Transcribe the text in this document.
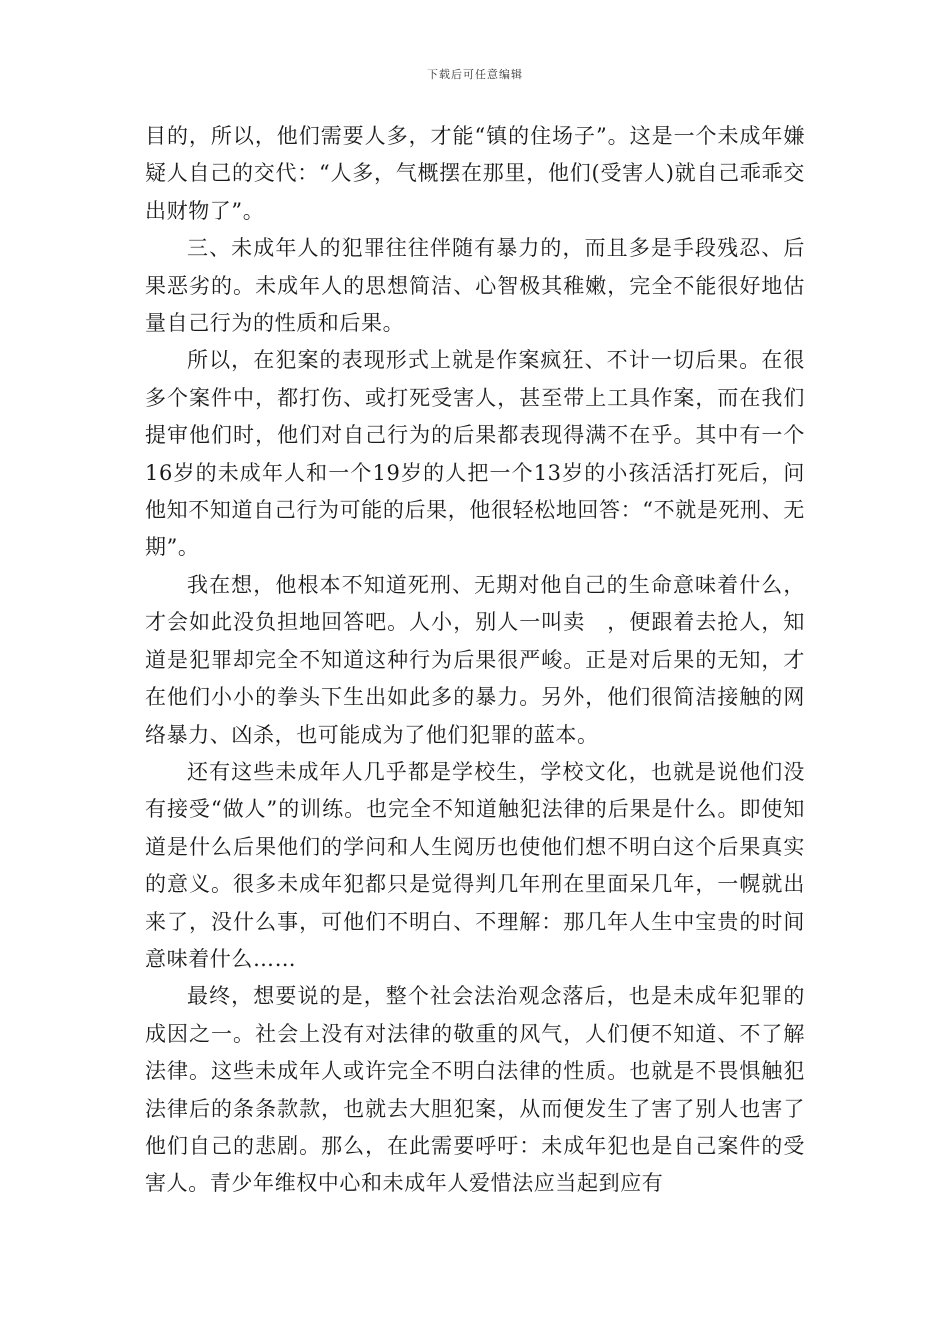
下载后可任意编辑

目的，所以，他们需要人多，才能“镇的住场子”。这是一个未成年嫌疑人自己的交代：“人多，气概摆在那里，他们(受害人)就自己乖乖交出财物了”。

三、未成年人的犯罪往往伴随有暴力的，而且多是手段残忍、后果恶劣的。未成年人的思想简洁、心智极其稚嫩，完全不能很好地估量自己行为的性质和后果。

所以，在犯案的表现形式上就是作案疯狂、不计一切后果。在很多个案件中，都打伤、或打死受害人，甚至带上工具作案，而在我们提审他们时，他们对自己行为的后果都表现得满不在乎。其中有一个16岁的未成年人和一个19岁的人把一个13岁的小孩活活打死后，问他知不知道自己行为可能的后果，他很轻松地回答：“不就是死刑、无期”。

我在想，他根本不知道死刑、无期对他自己的生命意味着什么，才会如此没负担地回答吧。人小，别人一叫卖　，便跟着去抢人，知道是犯罪却完全不知道这种行为后果很严峻。正是对后果的无知，才在他们小小的拳头下生出如此多的暴力。另外，他们很简洁接触的网络暴力、凶杀，也可能成为了他们犯罪的蓝本。

还有这些未成年人几乎都是学校生，学校文化，也就是说他们没有接受“做人”的训练。也完全不知道触犯法律的后果是什么。即使知道是什么后果他们的学问和人生阅历也使他们想不明白这个后果真实的意义。很多未成年犯都只是觉得判几年刑在里面呆几年，一幌就出来了，没什么事，可他们不明白、不理解：那几年人生中宝贵的时间意味着什么……

最终，想要说的是，整个社会法治观念落后，也是未成年犯罪的成因之一。社会上没有对法律的敬重的风气，人们便不知道、不了解法律。这些未成年人或许完全不明白法律的性质。也就是不畏惧触犯法律后的条条款款，也就去大胆犯案，从而便发生了害了别人也害了他们自己的悲剧。那么，在此需要呼吁：未成年犯也是自己案件的受害人。青少年维权中心和未成年人爱惜法应当起到应有
